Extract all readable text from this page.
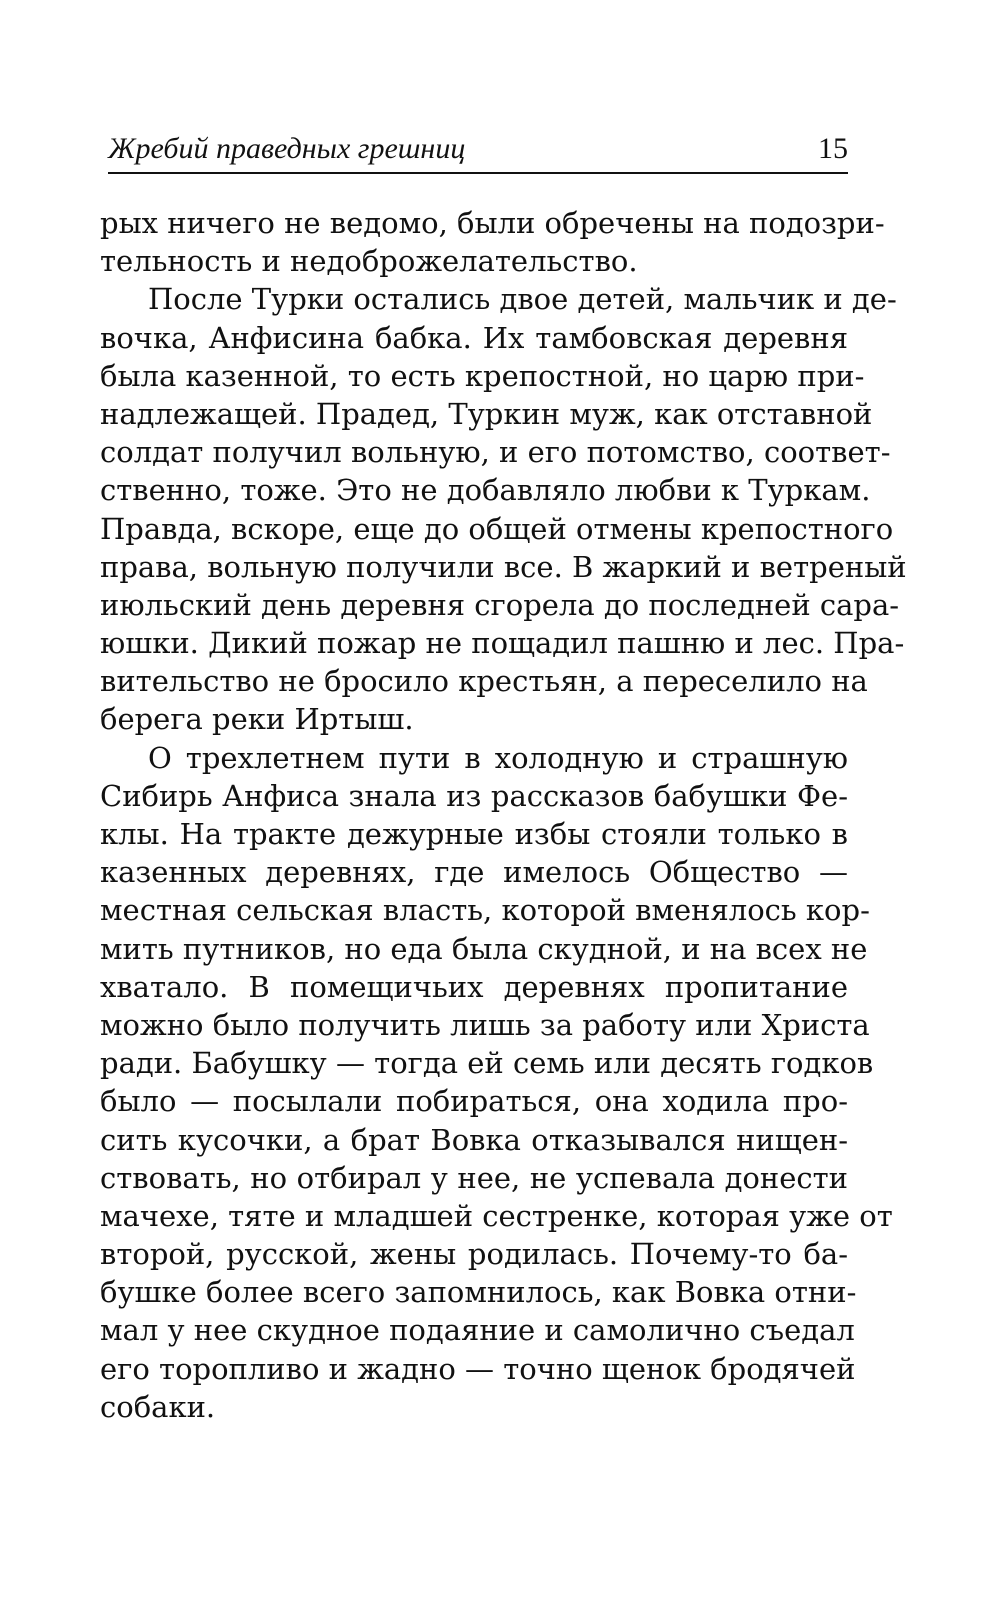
Жребий праведных грешниц	15
рых ничего не ведомо, были обречены на подозри-
тельность и недоброжелательство.
После Турки остались двое детей, мальчик и де-
вочка, Анфисина бабка. Их тамбовская деревня
была казенной, то есть крепостной, но царю при-
надлежащей. Прадед, Туркин муж, как отставной
солдат получил вольную, и его потомство, соответ-
ственно, тоже. Это не добавляло любви к Туркам.
Правда, вскоре, еще до общей отмены крепостного
права, вольную получили все. В жаркий и ветреный
июльский день деревня сгорела до последней сара-
юшки. Дикий пожар не пощадил пашню и лес. Пра-
вительство не бросило крестьян, а переселило на
берега реки Иртыш.
О трехлетнем пути в холодную и страшную
Сибирь Анфиса знала из рассказов бабушки Фе-
клы. На тракте дежурные избы стояли только в
казенных деревнях, где имелось Общество —
местная сельская власть, которой вменялось кор-
мить путников, но еда была скудной, и на всех не
хватало. В помещичьих деревнях пропитание
можно было получить лишь за работу или Христа
ради. Бабушку — тогда ей семь или десять годков
было — посылали побираться, она ходила про-
сить кусочки, а брат Вовка отказывался нищен-
ствовать, но отбирал у нее, не успевала донести
мачехе, тяте и младшей сестренке, которая уже от
второй, русской, жены родилась. Почему-то ба-
бушке более всего запомнилось, как Вовка отни-
мал у нее скудное подаяние и самолично съедал
его торопливо и жадно — точно щенок бродячей
собаки.
